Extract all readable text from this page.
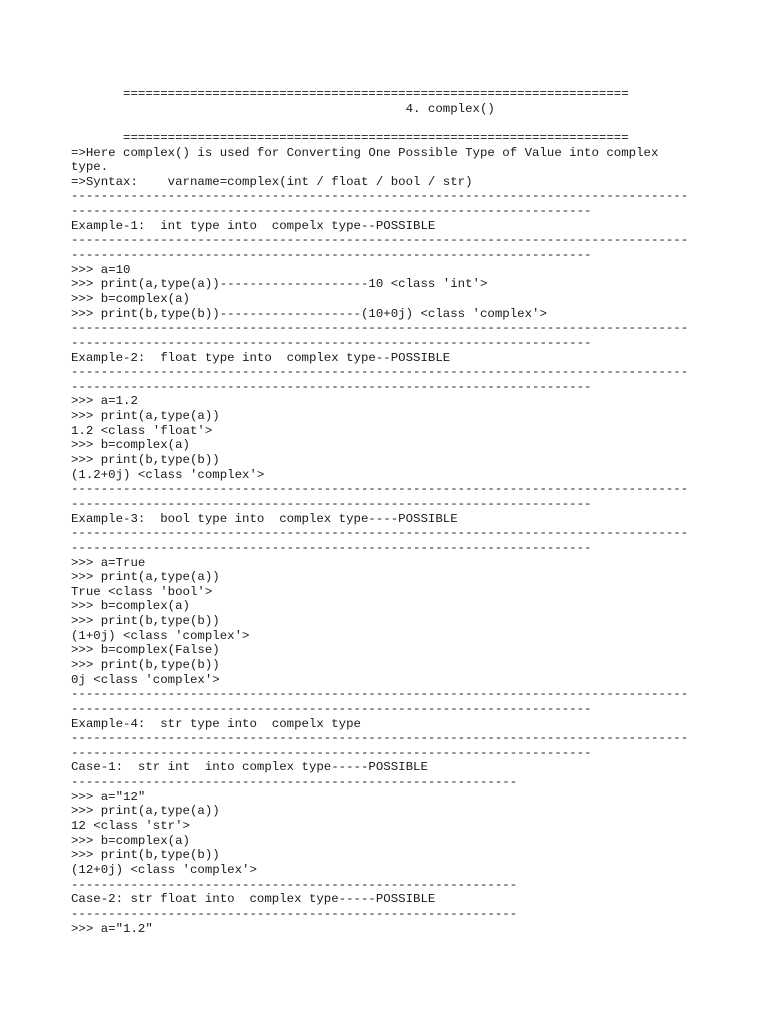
====================================================================
4. complex()
====================================================================
=>Here complex() is used for Converting One Possible Type of Value into complex
type.
=>Syntax:    varname=complex(int / float / bool / str)
-----------------------------------------------------------------------------------
----------------------------------------------------------------------
Example-1:  int type into  compelx type--POSSIBLE
-----------------------------------------------------------------------------------
----------------------------------------------------------------------
>>> a=10
>>> print(a,type(a))--------------------10 <class 'int'>
>>> b=complex(a)
>>> print(b,type(b))-------------------(10+0j) <class 'complex'>
-----------------------------------------------------------------------------------
----------------------------------------------------------------------
Example-2:  float type into  complex type--POSSIBLE
-----------------------------------------------------------------------------------
----------------------------------------------------------------------
>>> a=1.2
>>> print(a,type(a))
1.2 <class 'float'>
>>> b=complex(a)
>>> print(b,type(b))
(1.2+0j) <class 'complex'>
-----------------------------------------------------------------------------------
----------------------------------------------------------------------
Example-3:  bool type into  complex type----POSSIBLE
-----------------------------------------------------------------------------------
----------------------------------------------------------------------
>>> a=True
>>> print(a,type(a))
True <class 'bool'>
>>> b=complex(a)
>>> print(b,type(b))
(1+0j) <class 'complex'>
>>> b=complex(False)
>>> print(b,type(b))
0j <class 'complex'>
-----------------------------------------------------------------------------------
----------------------------------------------------------------------
Example-4:  str type into  compelx type
-----------------------------------------------------------------------------------
----------------------------------------------------------------------
Case-1:  str int  into complex type-----POSSIBLE
------------------------------------------------------------
>>> a="12"
>>> print(a,type(a))
12 <class 'str'>
>>> b=complex(a)
>>> print(b,type(b))
(12+0j) <class 'complex'>
------------------------------------------------------------
Case-2: str float into  complex type-----POSSIBLE
------------------------------------------------------------
>>> a="1.2"
